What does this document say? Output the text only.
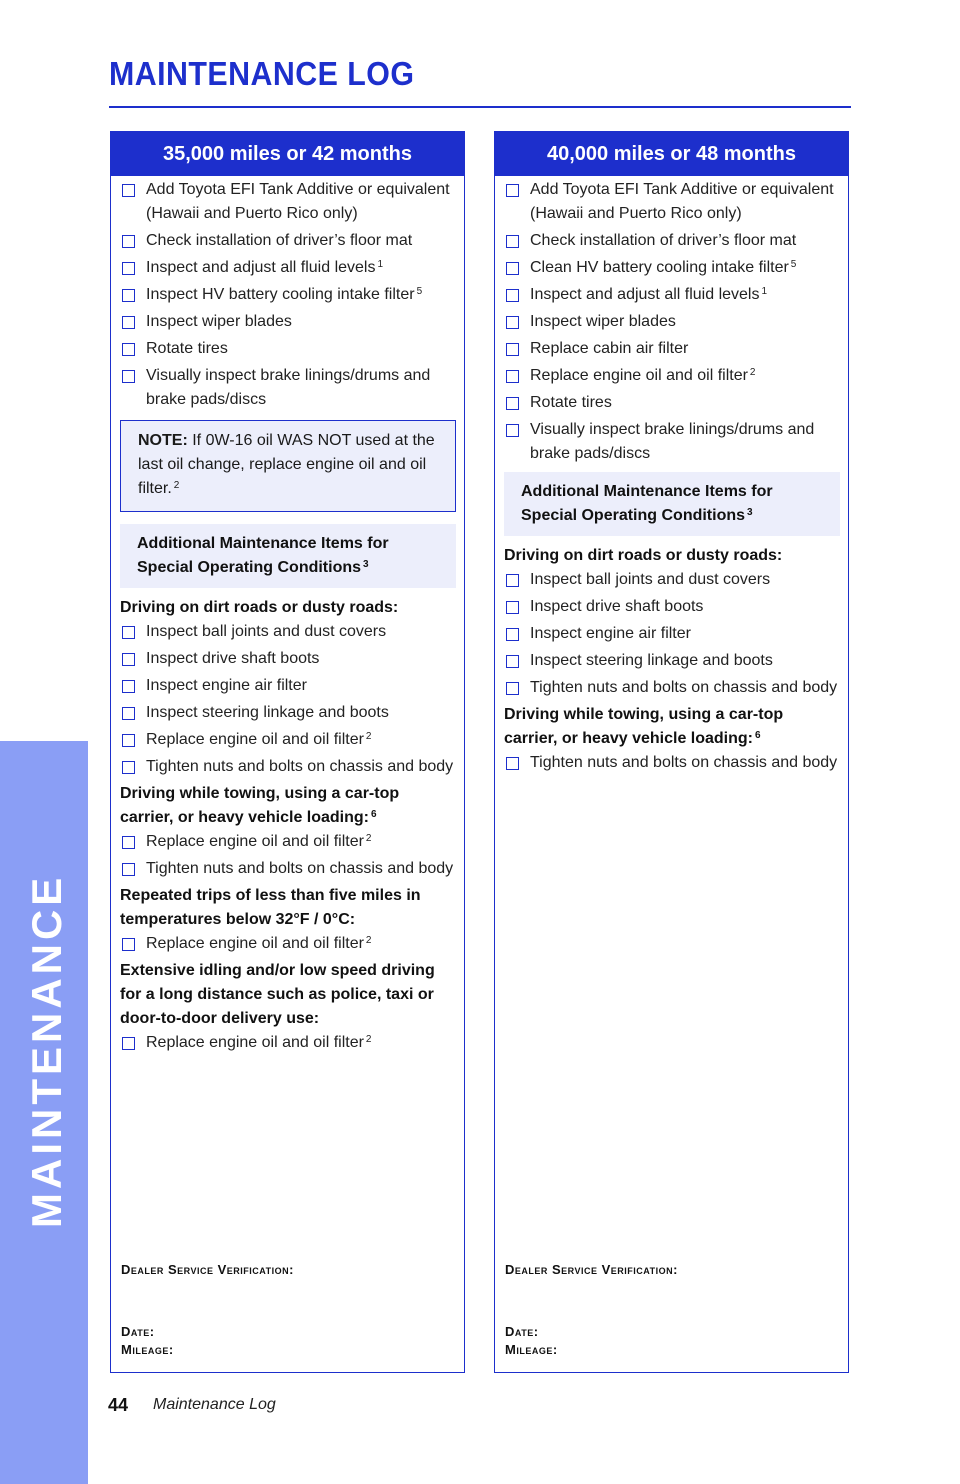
MAINTENANCE
MAINTENANCE LOG
35,000 miles or 42 months
Add Toyota EFI Tank Additive or equivalent (Hawaii and Puerto Rico only)
Check installation of driver’s floor mat
Inspect and adjust all fluid levels $^1$
Inspect HV battery cooling intake filter $^5$
Inspect wiper blades
Rotate tires
Visually inspect brake linings/drums and brake pads/discs
NOTE: If 0W-16 oil WAS NOT used at the last oil change, replace engine oil and oil filter. $^2$
Additional Maintenance Items for Special Operating Conditions $^3$
Driving on dirt roads or dusty roads:
Inspect ball joints and dust covers
Inspect drive shaft boots
Inspect engine air filter
Inspect steering linkage and boots
Replace engine oil and oil filter $^2$
Tighten nuts and bolts on chassis and body
Driving while towing, using a car-top carrier, or heavy vehicle loading: $^6$
Replace engine oil and oil filter $^2$
Tighten nuts and bolts on chassis and body
Repeated trips of less than five miles in temperatures below 32°F / 0°C:
Replace engine oil and oil filter $^2$
Extensive idling and/or low speed driving for a long distance such as police, taxi or door-to-door delivery use:
Replace engine oil and oil filter $^2$
Dealer Service Verification:
Date:
Mileage:
40,000 miles or 48 months
Add Toyota EFI Tank Additive or equivalent (Hawaii and Puerto Rico only)
Check installation of driver’s floor mat
Clean HV battery cooling intake filter $^5$
Inspect and adjust all fluid levels $^1$
Inspect wiper blades
Replace cabin air filter
Replace engine oil and oil filter $^2$
Rotate tires
Visually inspect brake linings/drums and brake pads/discs
Additional Maintenance Items for Special Operating Conditions $^3$
Driving on dirt roads or dusty roads:
Inspect ball joints and dust covers
Inspect drive shaft boots
Inspect engine air filter
Inspect steering linkage and boots
Tighten nuts and bolts on chassis and body
Driving while towing, using a car-top carrier, or heavy vehicle loading: $^6$
Tighten nuts and bolts on chassis and body
Dealer Service Verification:
Date:
Mileage:
44 Maintenance Log
